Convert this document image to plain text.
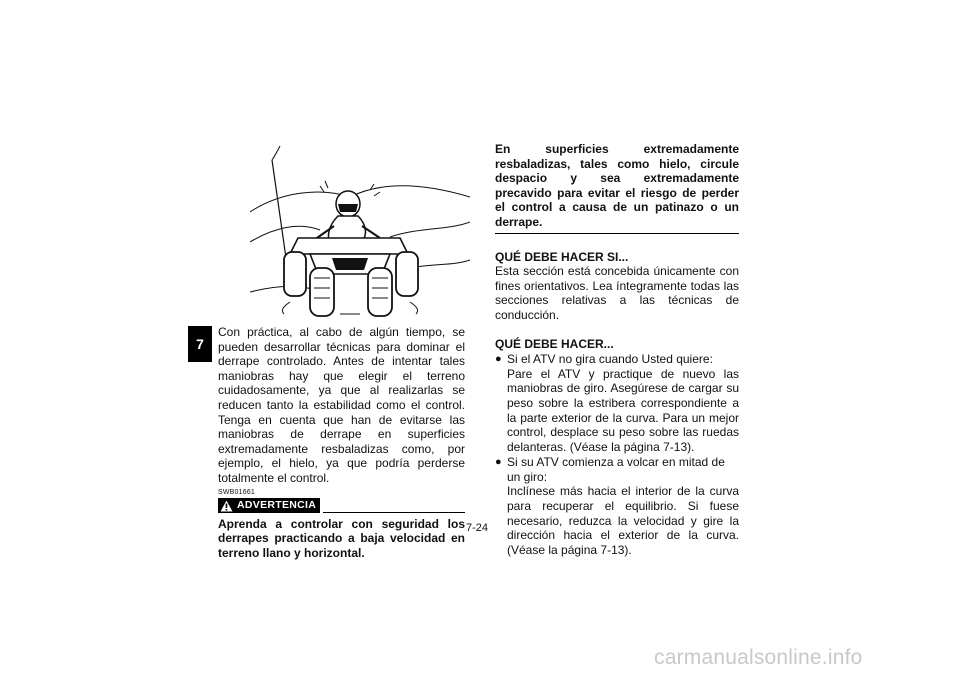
7
Con práctica, al cabo de algún tiempo, se pueden desarrollar técnicas para dominar el derrape controlado. Antes de intentar tales maniobras hay que elegir el terreno cuidadosamente, ya que al realizarlas se reducen tanto la estabilidad como el control. Tenga en cuenta que han de evitarse las maniobras de derrape en superficies extremadamente resbaladizas como, por ejemplo, el hielo, ya que podría perderse totalmente el control.
SWB01661
ADVERTENCIA
Aprenda a controlar con seguridad los derrapes practicando a baja velocidad en terreno llano y horizontal.
En superficies extremadamente resbaladizas, tales como hielo, circule despacio y sea extremadamente precavido para evitar el riesgo de perder el control a causa de un patinazo o un derrape.
QUÉ DEBE HACER SI...
Esta sección está concebida únicamente con fines orientativos. Lea íntegramente todas las secciones relativas a las técnicas de conducción.
QUÉ DEBE HACER...
● Si el ATV no gira cuando Usted quiere:
Pare el ATV y practique de nuevo las maniobras de giro. Asegúrese de cargar su peso sobre la estribera correspondiente a la parte exterior de la curva. Para un mejor control, desplace su peso sobre las ruedas delanteras. (Véase la página 7-13).
● Si su ATV comienza a volcar en mitad de un giro:
Inclínese más hacia el interior de la curva para recuperar el equilibrio. Si fuese necesario, reduzca la velocidad y gire la dirección hacia el exterior de la curva. (Véase la página 7-13).
7-24
carmanualsonline.info
